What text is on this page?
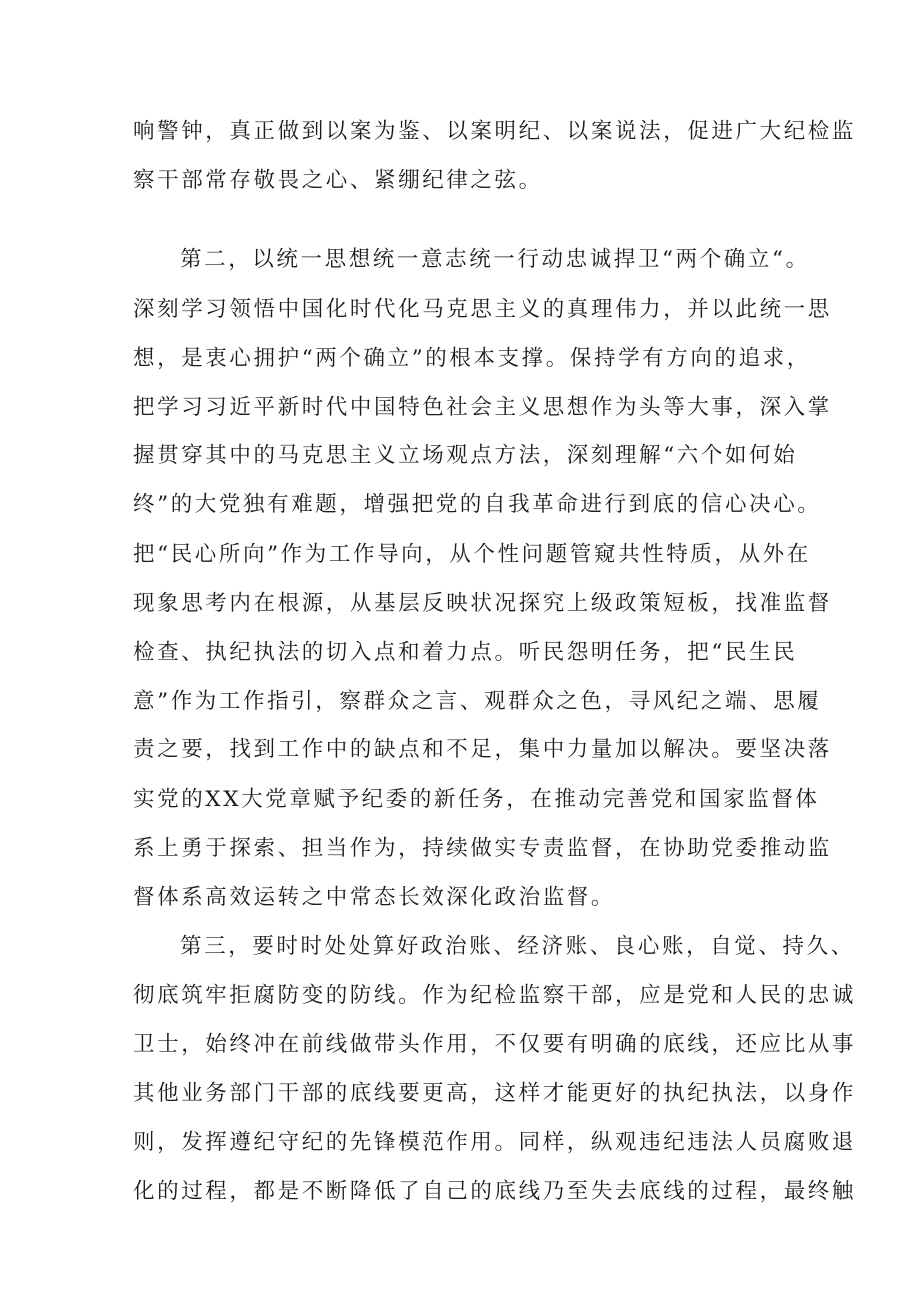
响警钟，真正做到以案为鉴、以案明纪、以案说法，促进广大纪检监
察干部常存敬畏之心、紧绷纪律之弦。
第二，以统一思想统一意志统一行动忠诚捍卫“两个确立“。
深刻学习领悟中国化时代化马克思主义的真理伟力，并以此统一思
想，是衷心拥护“两个确立”的根本支撑。保持学有方向的追求，
把学习习近平新时代中国特色社会主义思想作为头等大事，深入掌
握贯穿其中的马克思主义立场观点方法，深刻理解“六个如何始
终”的大党独有难题，增强把党的自我革命进行到底的信心决心。
把“民心所向”作为工作导向，从个性问题管窥共性特质，从外在
现象思考内在根源，从基层反映状况探究上级政策短板，找准监督
检查、执纪执法的切入点和着力点。听民怨明任务，把“民生民
意”作为工作指引，察群众之言、观群众之色，寻风纪之端、思履
责之要，找到工作中的缺点和不足，集中力量加以解决。要坚决落
实党的XX大党章赋予纪委的新任务，在推动完善党和国家监督体
系上勇于探索、担当作为，持续做实专责监督，在协助党委推动监
督体系高效运转之中常态长效深化政治监督。
第三，要时时处处算好政治账、经济账、良心账，自觉、持久、
彻底筑牢拒腐防变的防线。作为纪检监察干部，应是党和人民的忠诚
卫士，始终冲在前线做带头作用，不仅要有明确的底线，还应比从事
其他业务部门干部的底线要更高，这样才能更好的执纪执法，以身作
则，发挥遵纪守纪的先锋模范作用。同样，纵观违纪违法人员腐败退
化的过程，都是不断降低了自己的底线乃至失去底线的过程，最终触
